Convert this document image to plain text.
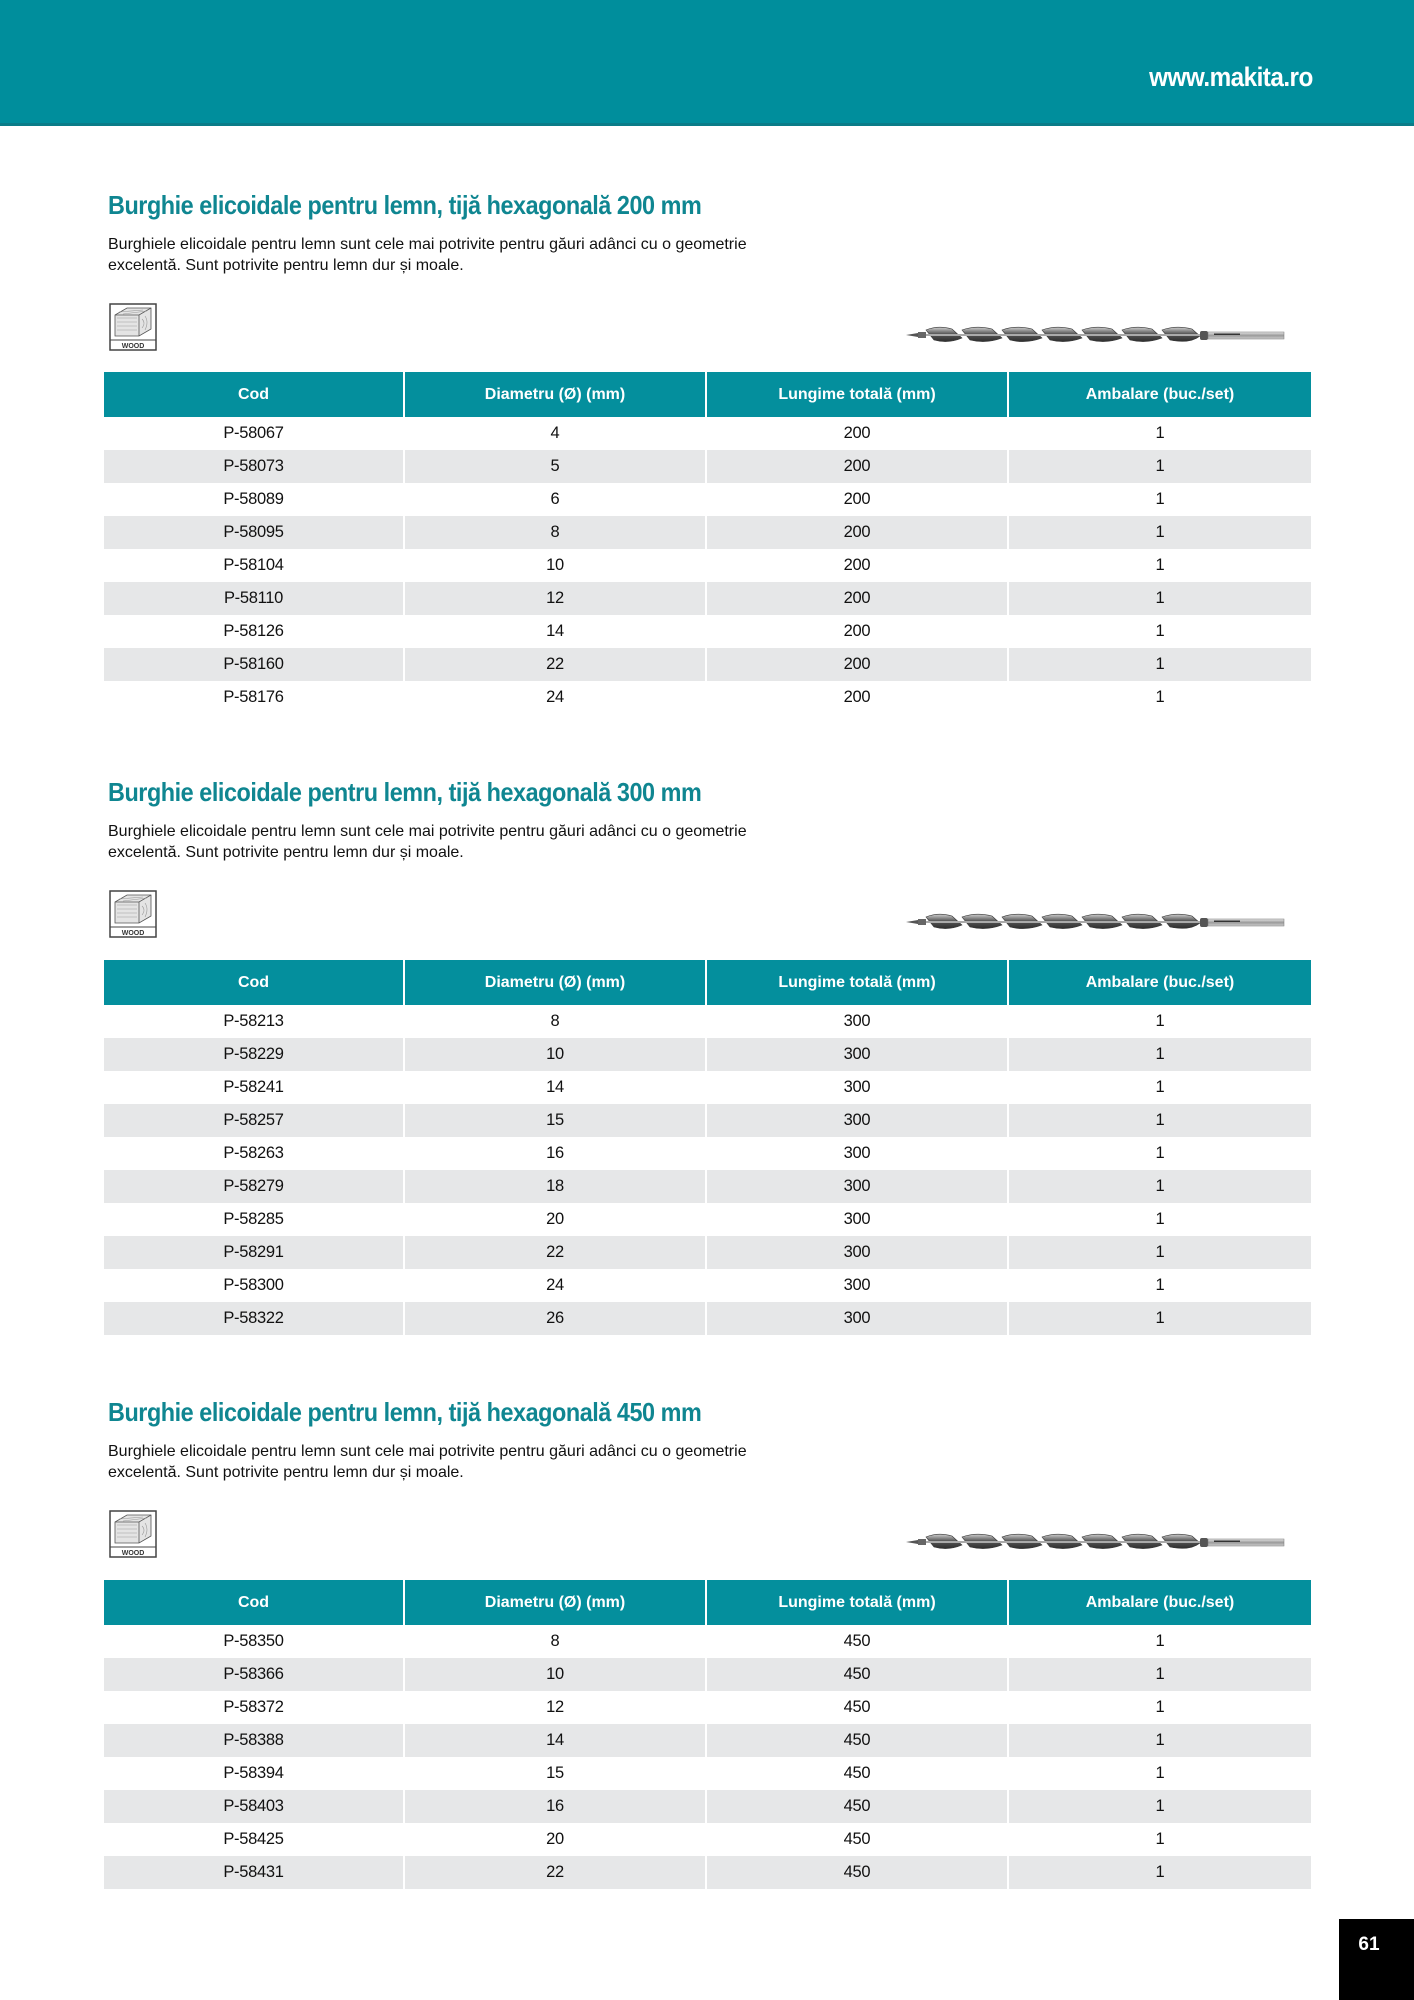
www.makita.ro
Burghie elicoidale pentru lemn, tijă hexagonală 200 mm

Burghiele elicoidale pentru lemn sunt cele mai potrivite pentru găuri adânci cu o geometrie
excelentă. Sunt potrivite pentru lemn dur și moale.

Cod	Diametru (Ø) (mm)	Lungime totală (mm)	Ambalare (buc./set)
P-58067	4	200	1
P-58073	5	200	1
P-58089	6	200	1
P-58095	8	200	1
P-58104	10	200	1
P-58110	12	200	1
P-58126	14	200	1
P-58160	22	200	1
P-58176	24	200	1
Burghie elicoidale pentru lemn, tijă hexagonală 300 mm

Burghiele elicoidale pentru lemn sunt cele mai potrivite pentru găuri adânci cu o geometrie
excelentă. Sunt potrivite pentru lemn dur și moale.

Cod	Diametru (Ø) (mm)	Lungime totală (mm)	Ambalare (buc./set)
P-58213	8	300	1
P-58229	10	300	1
P-58241	14	300	1
P-58257	15	300	1
P-58263	16	300	1
P-58279	18	300	1
P-58285	20	300	1
P-58291	22	300	1
P-58300	24	300	1
P-58322	26	300	1
Burghie elicoidale pentru lemn, tijă hexagonală 450 mm

Burghiele elicoidale pentru lemn sunt cele mai potrivite pentru găuri adânci cu o geometrie
excelentă. Sunt potrivite pentru lemn dur și moale.

Cod	Diametru (Ø) (mm)	Lungime totală (mm)	Ambalare (buc./set)
P-58350	8	450	1
P-58366	10	450	1
P-58372	12	450	1
P-58388	14	450	1
P-58394	15	450	1
P-58403	16	450	1
P-58425	20	450	1
P-58431	22	450	1
61
